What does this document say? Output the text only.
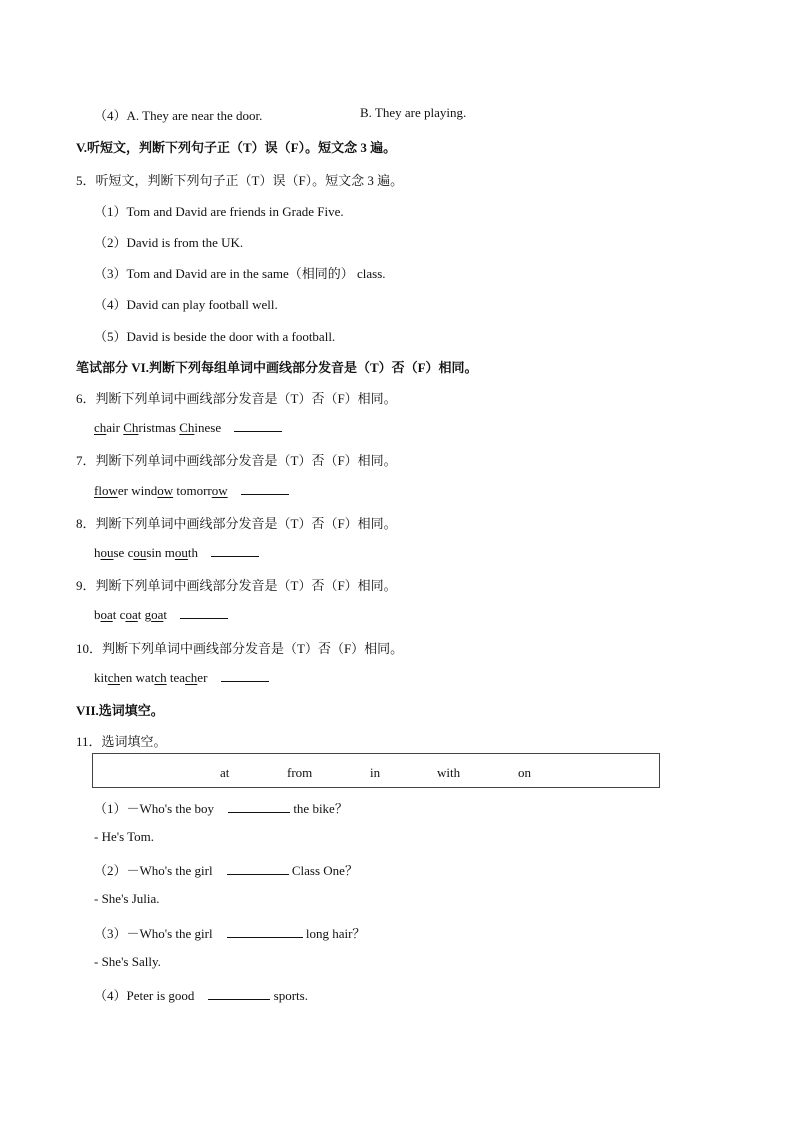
（4）A. They are near the door.	B. They are playing.
V.听短文，判断下列句子正（T）误（F）。短文念 3 遍。
5．听短文，判断下列句子正（T）误（F）。短文念 3 遍。
（1）Tom and David are friends in Grade Five.
（2）David is from the UK.
（3）Tom and David are in the same（相同的） class.
（4）David can play football well.
（5）David is beside the door with a football.
笔试部分 VI.判断下列每组单词中画线部分发音是（T）否（F）相同。
6．判断下列单词中画线部分发音是（T）否（F）相同。
chair Christmas Chinese
7．判断下列单词中画线部分发音是（T）否（F）相同。
flower window tomorrow
8．判断下列单词中画线部分发音是（T）否（F）相同。
house cousin mouth
9．判断下列单词中画线部分发音是（T）否（F）相同。
boat coat goat
10．判断下列单词中画线部分发音是（T）否（F）相同。
kitchen watch teacher
VII.选词填空。
11．选词填空。
at	from	in	with	on
（1）－Who's the boy	the bike？
- He's Tom.
（2）－Who's the girl	Class One？
- She's Julia.
（3）－Who's the girl	long hair？
- She's Sally.
（4）Peter is good	sports.
